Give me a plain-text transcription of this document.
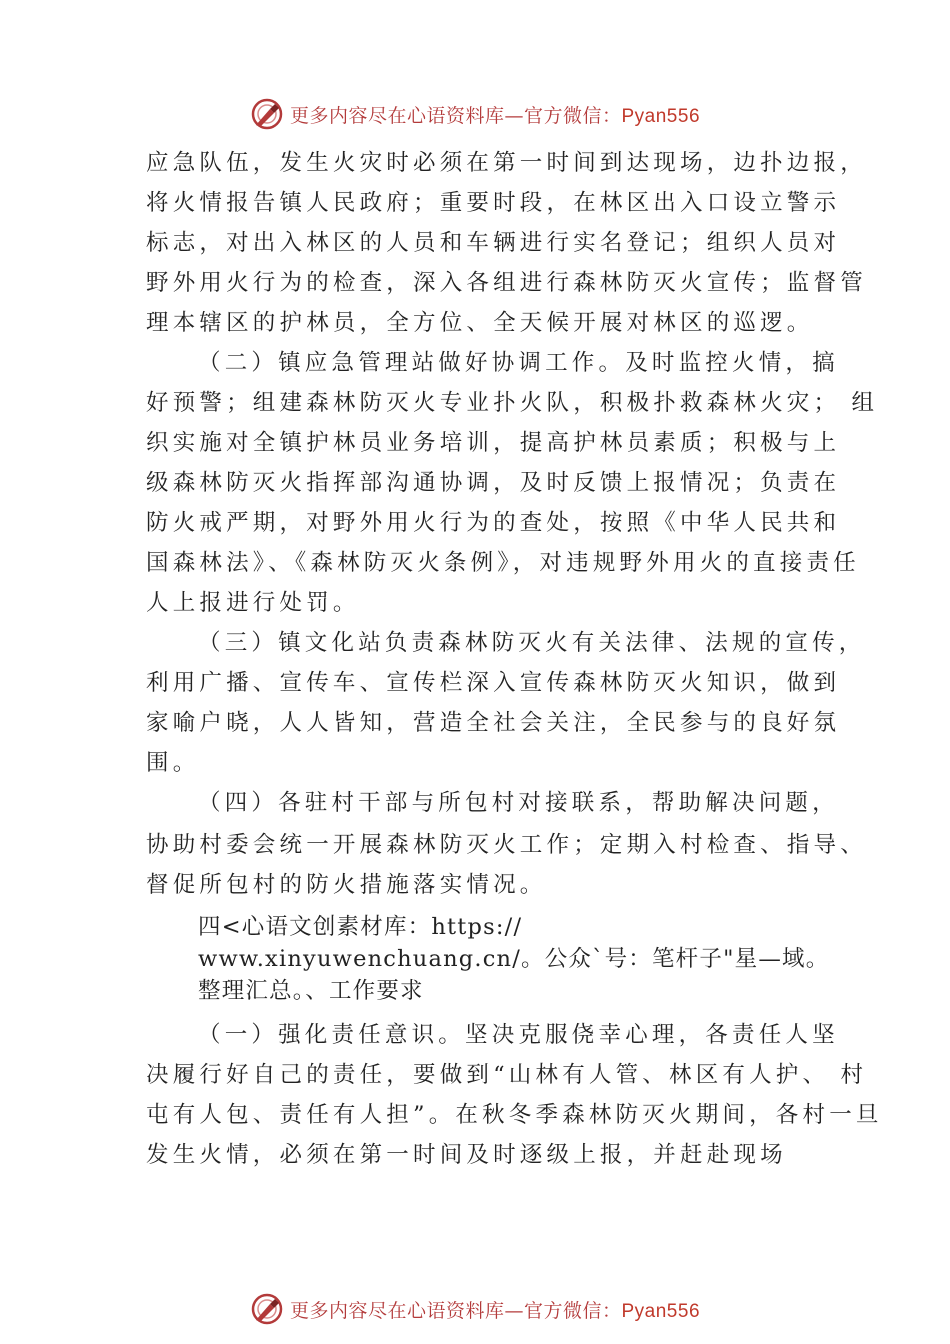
更多内容尽在心语资料库—官方微信：Pyan556
应急队伍，发生火灾时必须在第一时间到达现场，边扑边报，
将火情报告镇人民政府；重要时段，在林区出入口设立警示
标志，对出入林区的人员和车辆进行实名登记；组织人员对
野外用火行为的检查，深入各组进行森林防灭火宣传；监督管
理本辖区的护林员，全方位、全天候开展对林区的巡逻。
（二）镇应急管理站做好协调工作。及时监控火情，搞
好预警；组建森林防灭火专业扑火队，积极扑救森林火灾； 组
织实施对全镇护林员业务培训，提高护林员素质；积极与上
级森林防灭火指挥部沟通协调，及时反馈上报情况；负责在
防火戒严期，对野外用火行为的查处，按照《中华人民共和
国森林法》、《森林防灭火条例》，对违规野外用火的直接责任
人上报进行处罚。
（三）镇文化站负责森林防灭火有关法律、法规的宣传，
利用广播、宣传车、宣传栏深入宣传森林防灭火知识，做到
家喻户晓，人人皆知，营造全社会关注，全民参与的良好氛
围。
（四）各驻村干部与所包村对接联系，帮助解决问题，
协助村委会统一开展森林防灭火工作；定期入村检查、指导、
督促所包村的防火措施落实情况。
四<心语文创素材库：https://
www.xinyuwenchuang.cn/。公众`号：笔杆子"星—域。
整理汇总。、工作要求
（一）强化责任意识。坚决克服侥幸心理，各责任人坚
决履行好自己的责任，要做到“山林有人管、林区有人护、 村
屯有人包、责任有人担”。在秋冬季森林防灭火期间，各村一旦
发生火情，必须在第一时间及时逐级上报，并赶赴现场
更多内容尽在心语资料库—官方微信：Pyan556
